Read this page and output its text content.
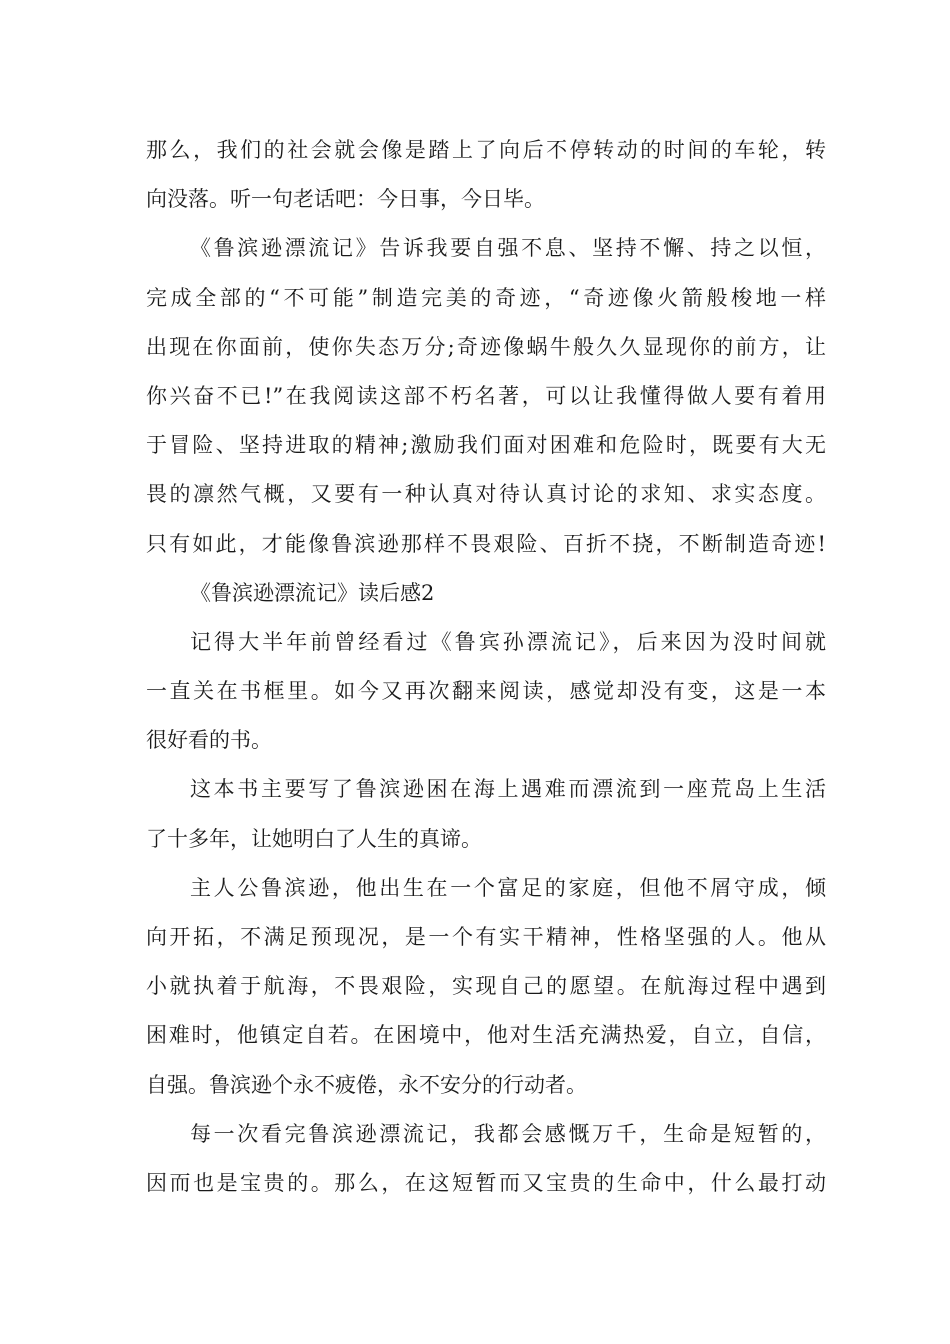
那么，我们的社会就会像是踏上了向后不停转动的时间的车轮，转
向没落。听一句老话吧：今日事，今日毕。
《鲁滨逊漂流记》告诉我要自强不息、坚持不懈、持之以恒，
完成全部的“不可能”制造完美的奇迹，“奇迹像火箭般梭地一样
出现在你面前，使你失态万分;奇迹像蜗牛般久久显现你的前方，让
你兴奋不已!”在我阅读这部不朽名著，可以让我懂得做人要有着用
于冒险、坚持进取的精神;激励我们面对困难和危险时，既要有大无
畏的凛然气概，又要有一种认真对待认真讨论的求知、求实态度。
只有如此，才能像鲁滨逊那样不畏艰险、百折不挠，不断制造奇迹!
《鲁滨逊漂流记》读后感2
记得大半年前曾经看过《鲁宾孙漂流记》，后来因为没时间就
一直关在书框里。如今又再次翻来阅读，感觉却没有变，这是一本
很好看的书。
这本书主要写了鲁滨逊困在海上遇难而漂流到一座荒岛上生活
了十多年，让她明白了人生的真谛。
主人公鲁滨逊，他出生在一个富足的家庭，但他不屑守成，倾
向开拓，不满足预现况，是一个有实干精神，性格坚强的人。他从
小就执着于航海，不畏艰险，实现自己的愿望。在航海过程中遇到
困难时，他镇定自若。在困境中，他对生活充满热爱，自立，自信，
自强。鲁滨逊个永不疲倦，永不安分的行动者。
每一次看完鲁滨逊漂流记，我都会感慨万千，生命是短暂的，
因而也是宝贵的。那么，在这短暂而又宝贵的生命中，什么最打动
